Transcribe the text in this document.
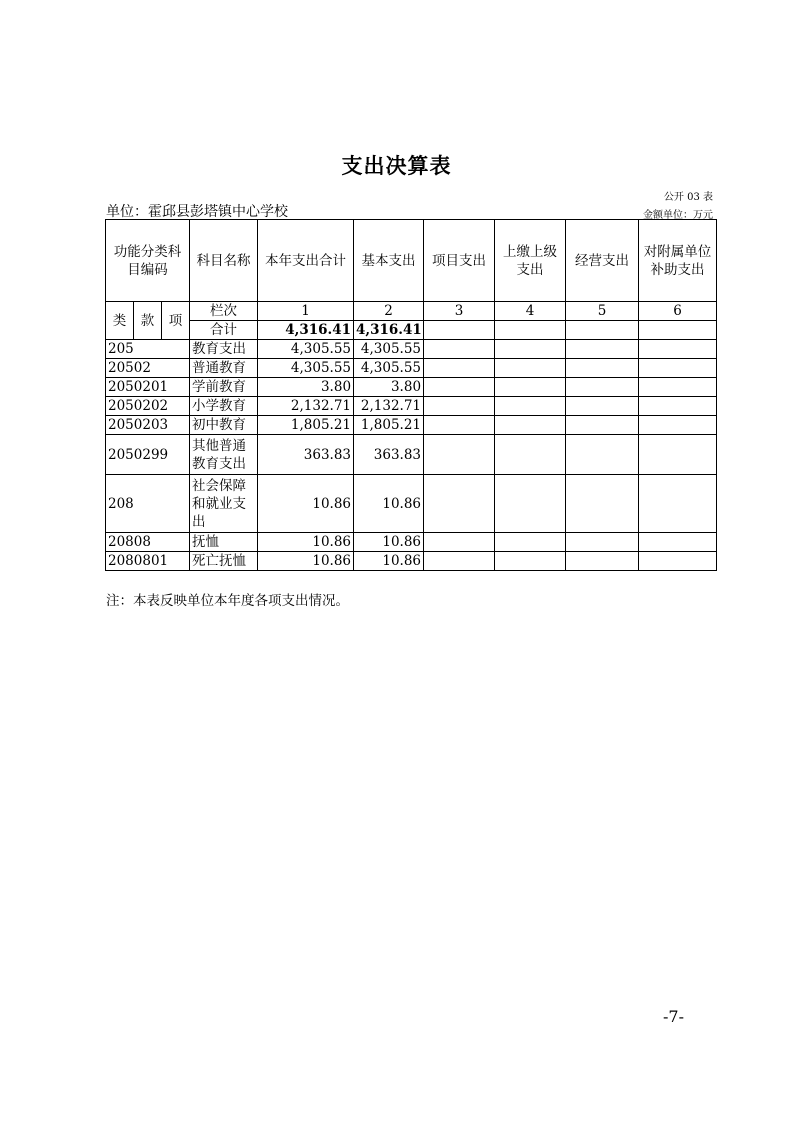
支出决算表
公开 03 表
单位：霍邱县彭塔镇中心学校	金额单位：万元
功能分类科目编码			科目名称	本年支出合计	基本支出	项目支出	上缴上级支出	经营支出	对附属单位补助支出
类	款	项	栏次	1	2	3	4	5	6
			合计	4,316.41	4,316.41				
205			教育支出	4,305.55	4,305.55				
20502			普通教育	4,305.55	4,305.55				
2050201			学前教育	3.80	3.80				
2050202			小学教育	2,132.71	2,132.71				
2050203			初中教育	1,805.21	1,805.21				
2050299			其他普通教育支出	363.83	363.83				
208			社会保障和就业支出	10.86	10.86				
20808			抚恤	10.86	10.86				
2080801			死亡抚恤	10.86	10.86				
注：本表反映单位本年度各项支出情况。
-7-
